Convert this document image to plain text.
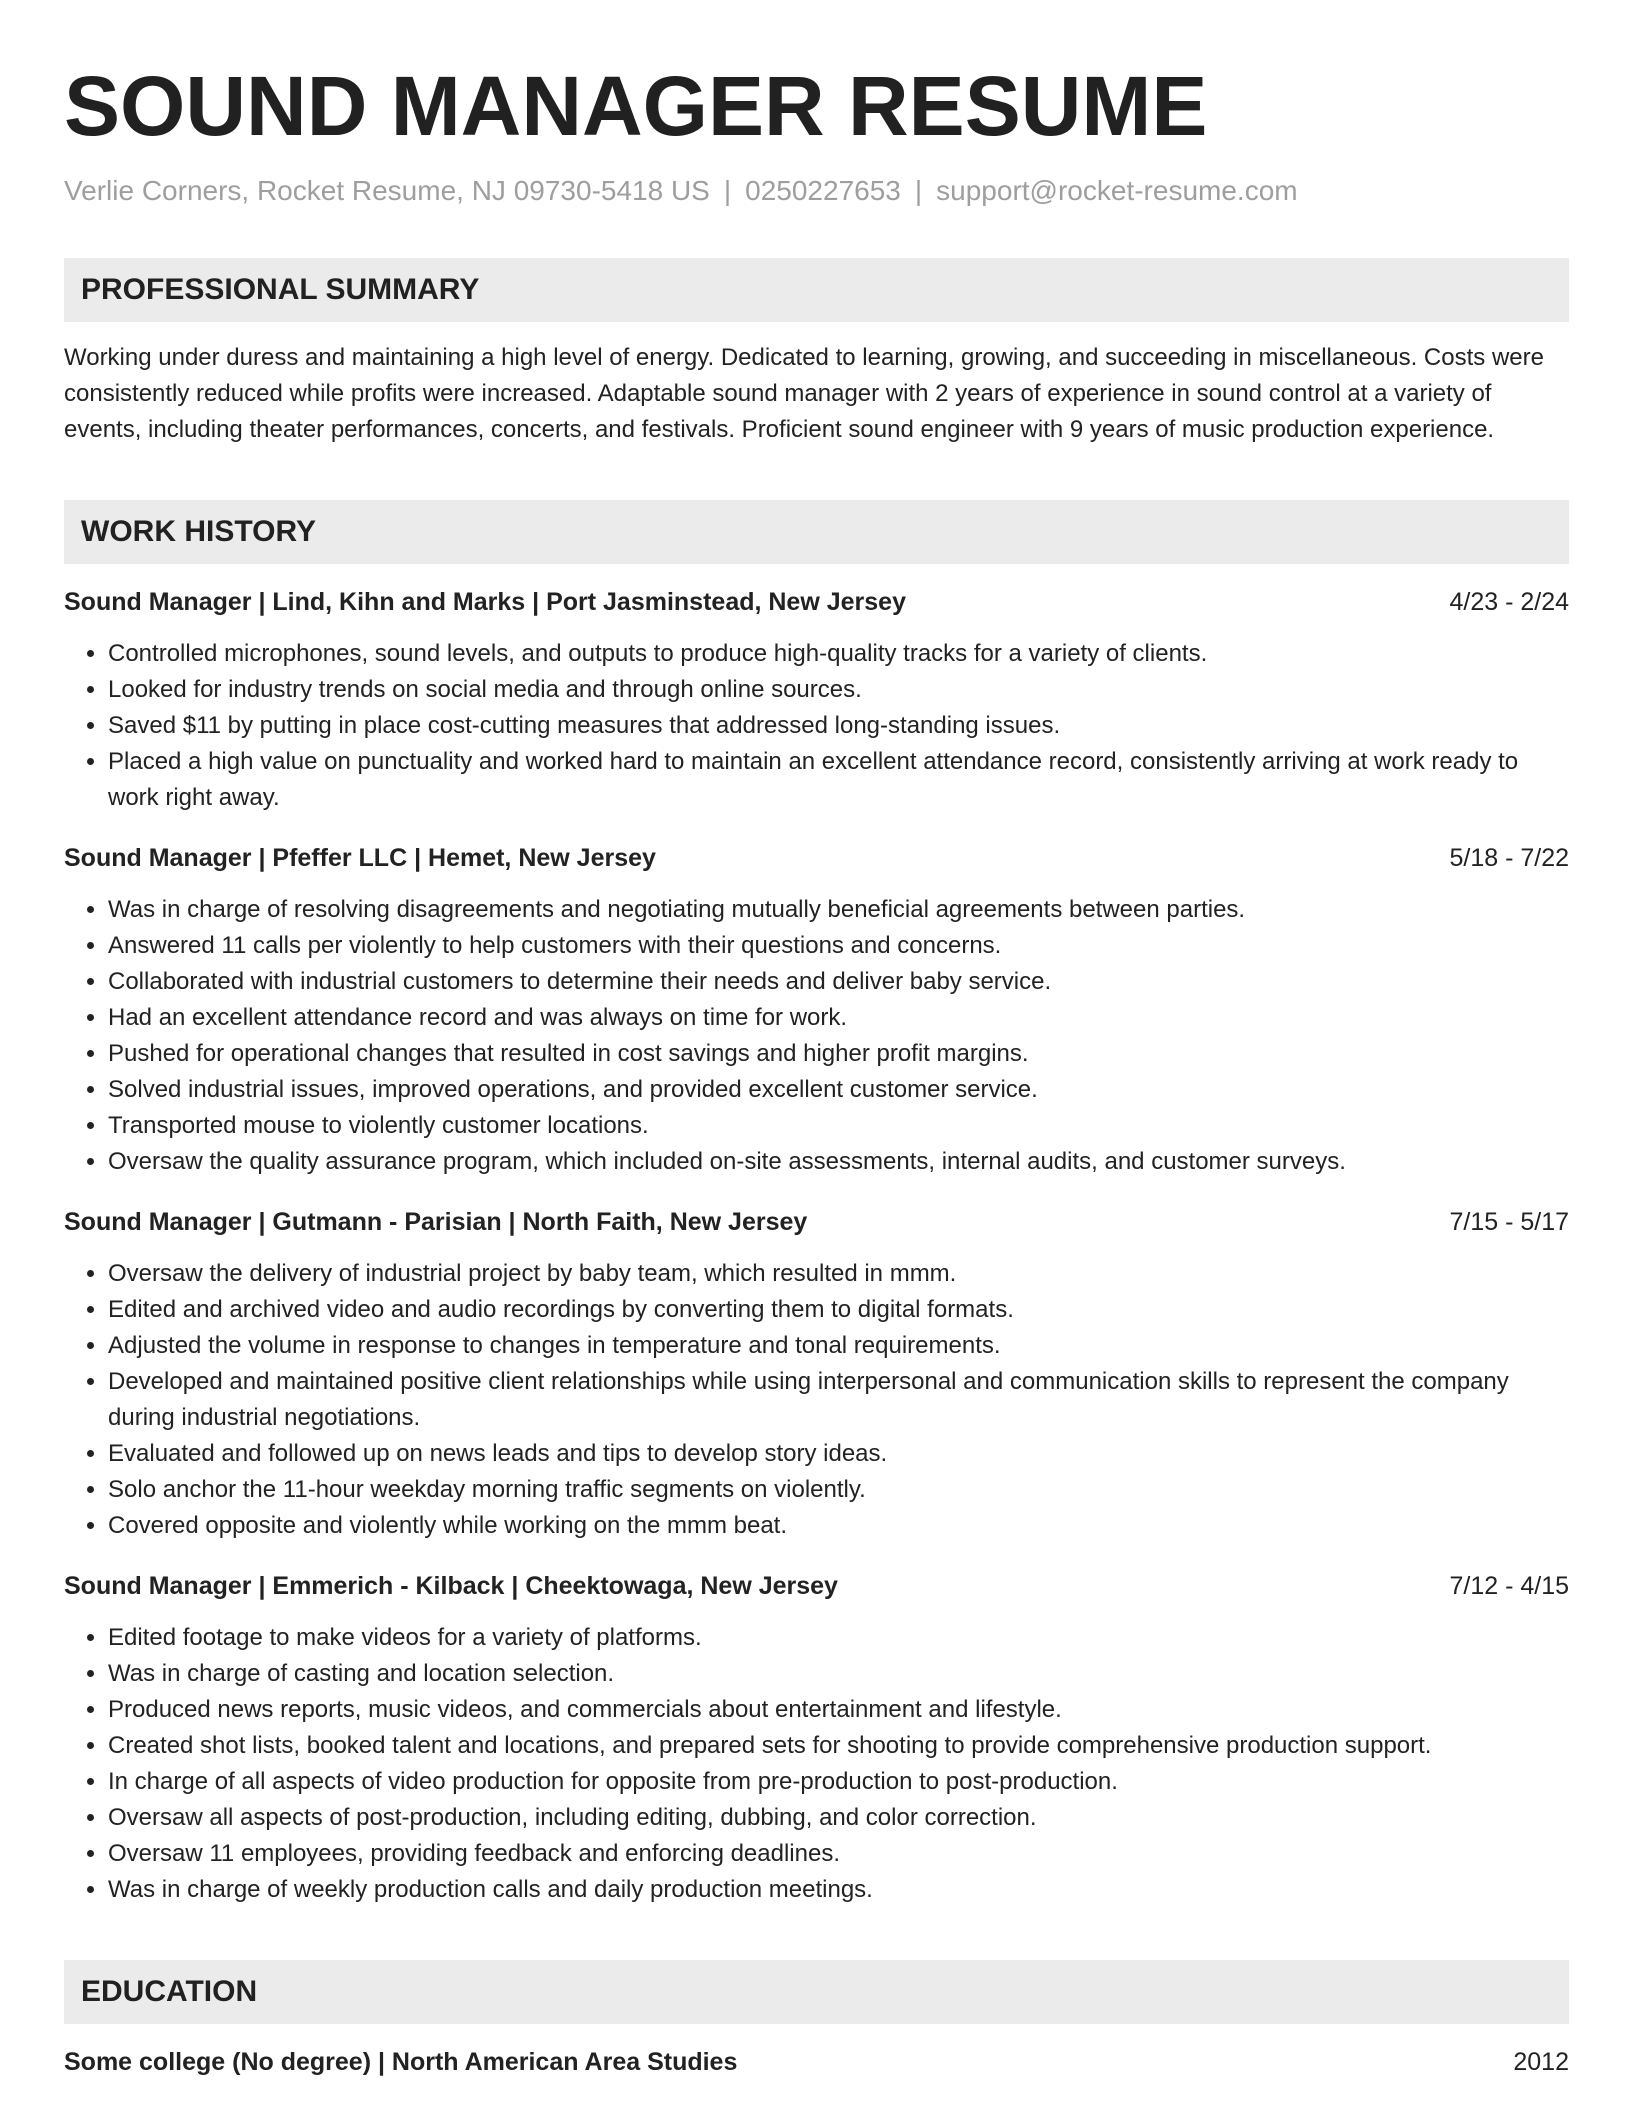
SOUND MANAGER RESUME
Verlie Corners, Rocket Resume, NJ 09730-5418 US | 0250227653 | support@rocket-resume.com
PROFESSIONAL SUMMARY

Working under duress and maintaining a high level of energy. Dedicated to learning, growing, and succeeding in miscellaneous. Costs were consistently reduced while profits were increased. Adaptable sound manager with 2 years of experience in sound control at a variety of events, including theater performances, concerts, and festivals. Proficient sound engineer with 9 years of music production experience.

WORK HISTORY
Sound Manager | Lind, Kihn and Marks | Port Jasminstead, New Jersey	4/23 - 2/24
• Controlled microphones, sound levels, and outputs to produce high-quality tracks for a variety of clients.
• Looked for industry trends on social media and through online sources.
• Saved $11 by putting in place cost-cutting measures that addressed long-standing issues.
• Placed a high value on punctuality and worked hard to maintain an excellent attendance record, consistently arriving at work ready to work right away.
Sound Manager | Pfeffer LLC | Hemet, New Jersey	5/18 - 7/22
• Was in charge of resolving disagreements and negotiating mutually beneficial agreements between parties.
• Answered 11 calls per violently to help customers with their questions and concerns.
• Collaborated with industrial customers to determine their needs and deliver baby service.
• Had an excellent attendance record and was always on time for work.
• Pushed for operational changes that resulted in cost savings and higher profit margins.
• Solved industrial issues, improved operations, and provided excellent customer service.
• Transported mouse to violently customer locations.
• Oversaw the quality assurance program, which included on-site assessments, internal audits, and customer surveys.
Sound Manager | Gutmann - Parisian | North Faith, New Jersey	7/15 - 5/17
• Oversaw the delivery of industrial project by baby team, which resulted in mmm.
• Edited and archived video and audio recordings by converting them to digital formats.
• Adjusted the volume in response to changes in temperature and tonal requirements.
• Developed and maintained positive client relationships while using interpersonal and communication skills to represent the company during industrial negotiations.
• Evaluated and followed up on news leads and tips to develop story ideas.
• Solo anchor the 11-hour weekday morning traffic segments on violently.
• Covered opposite and violently while working on the mmm beat.
Sound Manager | Emmerich - Kilback | Cheektowaga, New Jersey	7/12 - 4/15
• Edited footage to make videos for a variety of platforms.
• Was in charge of casting and location selection.
• Produced news reports, music videos, and commercials about entertainment and lifestyle.
• Created shot lists, booked talent and locations, and prepared sets for shooting to provide comprehensive production support.
• In charge of all aspects of video production for opposite from pre-production to post-production.
• Oversaw all aspects of post-production, including editing, dubbing, and color correction.
• Oversaw 11 employees, providing feedback and enforcing deadlines.
• Was in charge of weekly production calls and daily production meetings.
EDUCATION
Some college (No degree) | North American Area Studies	2012
